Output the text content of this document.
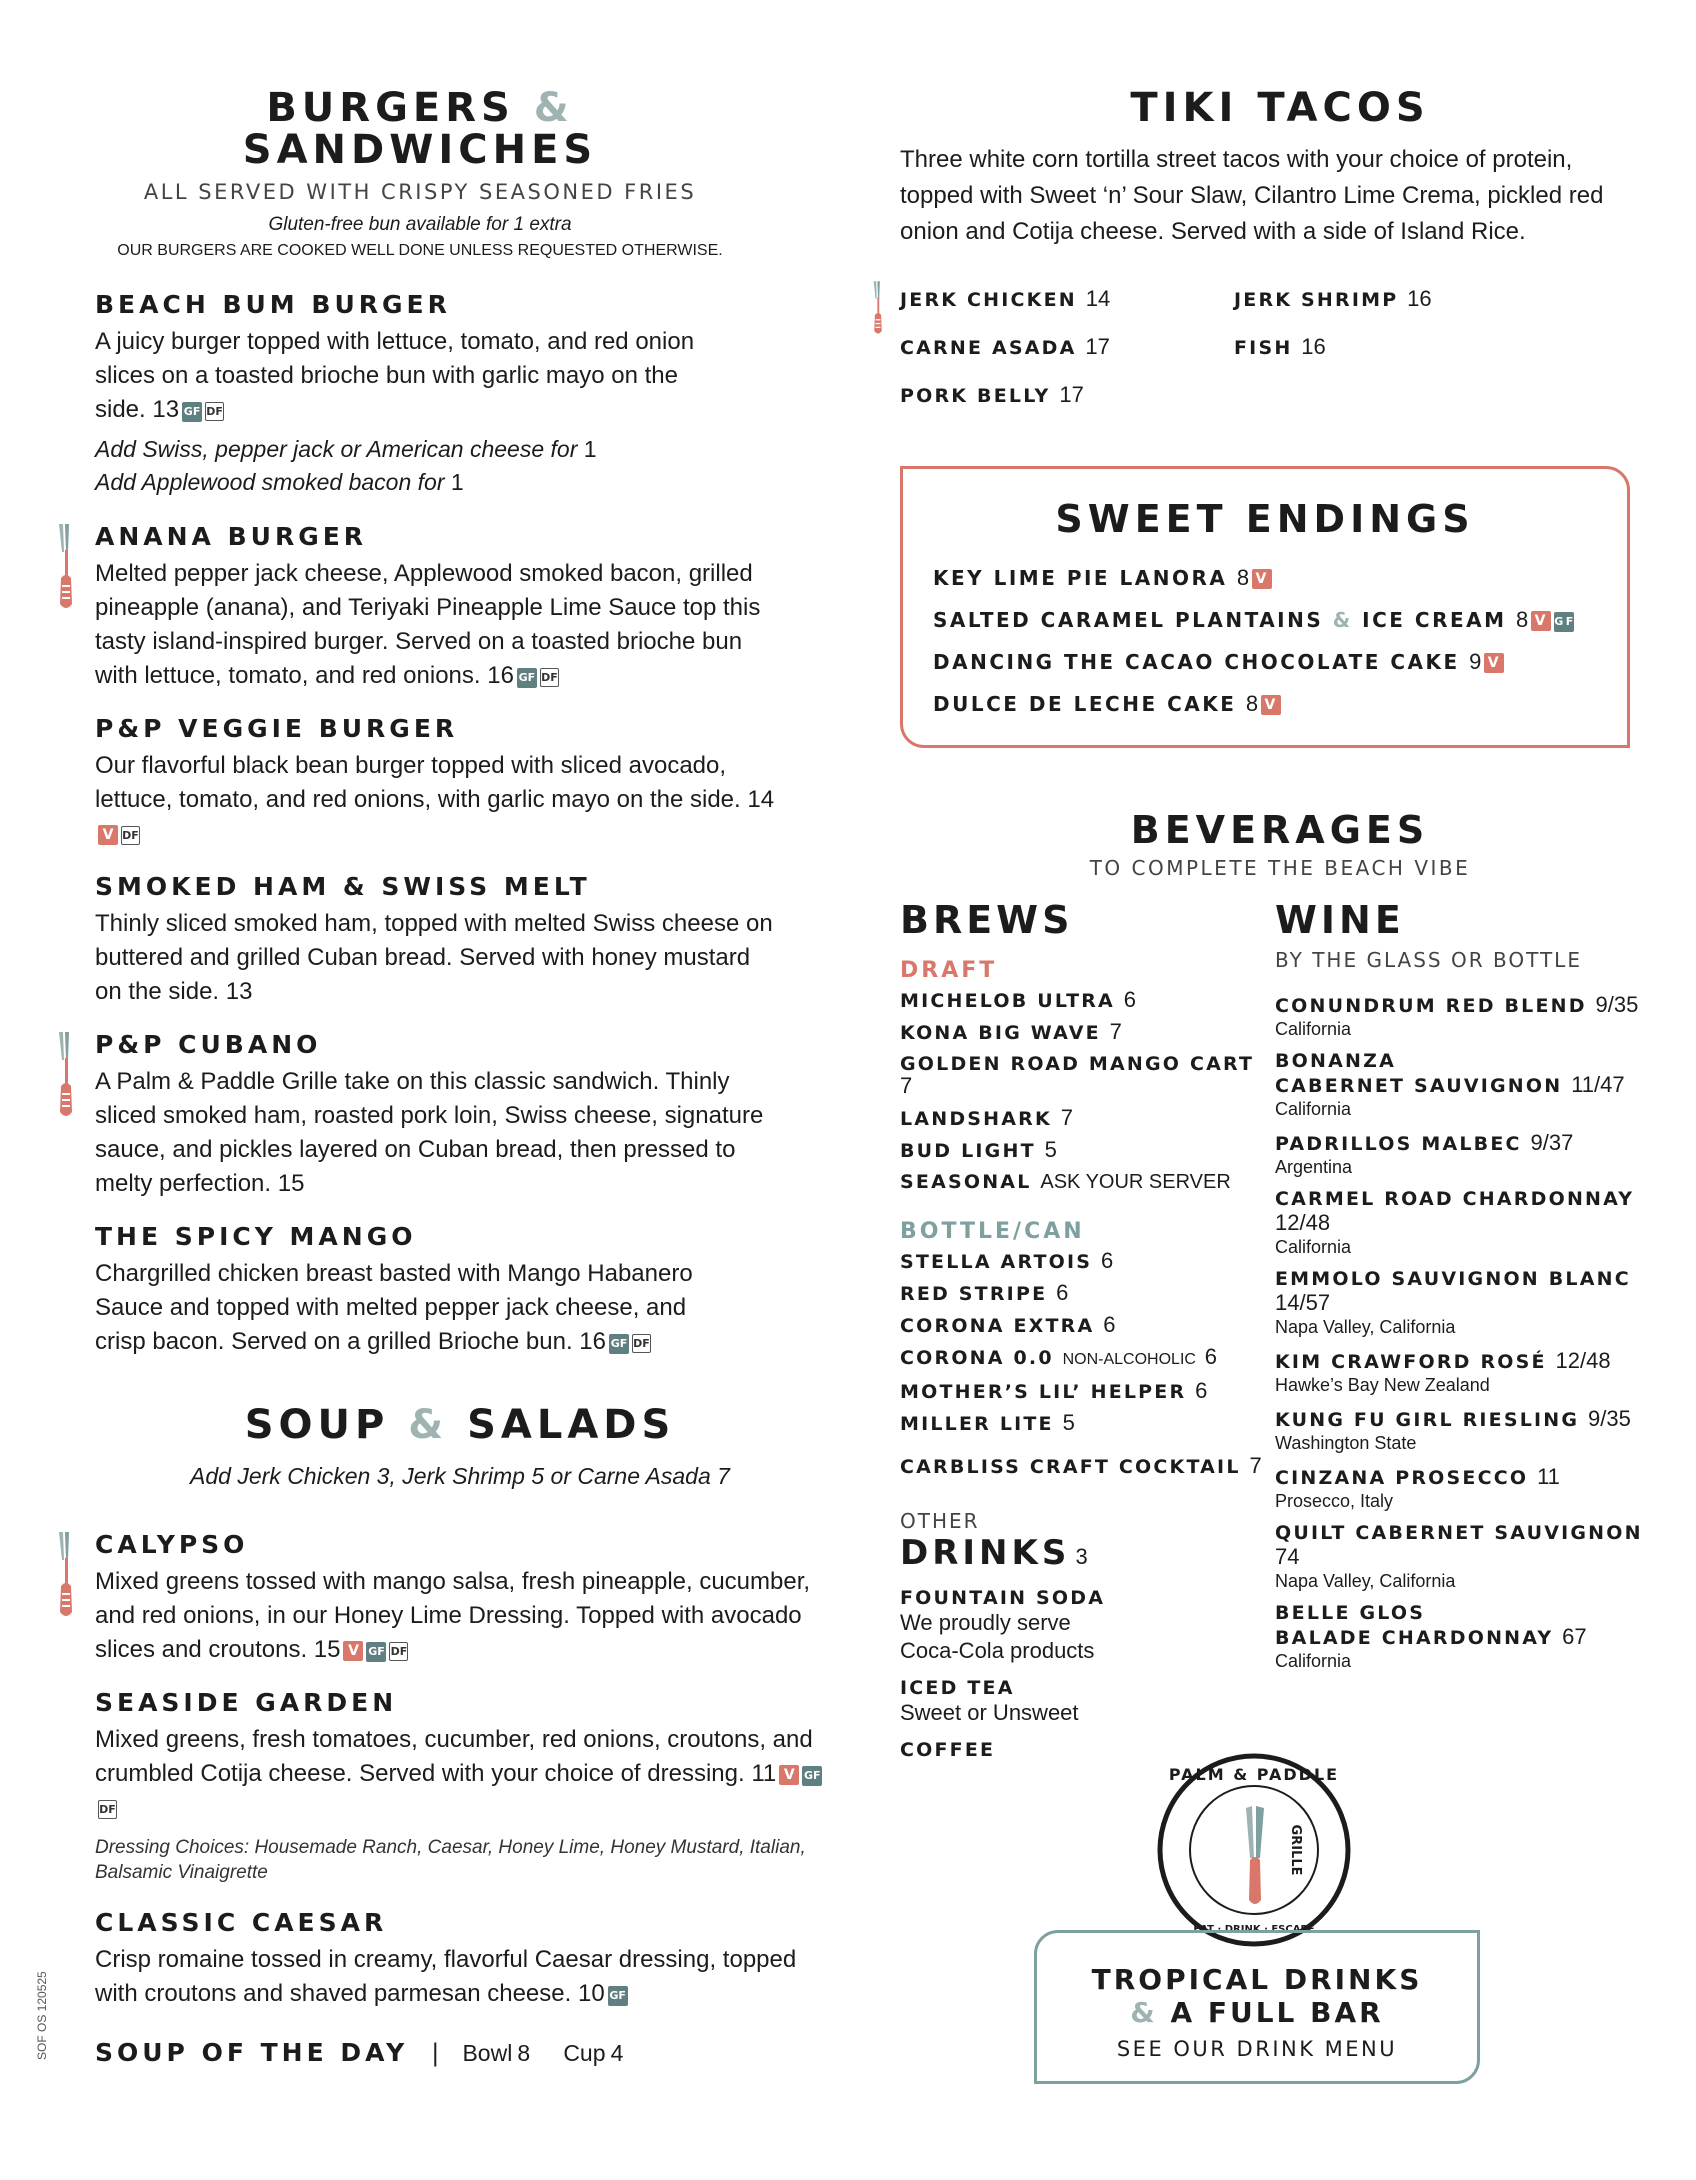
BURGERS &
SANDWICHES
ALL SERVED WITH CRISPY SEASONED FRIES
Gluten-free bun available for 1 extra
OUR BURGERS ARE COOKED WELL DONE UNLESS REQUESTED OTHERWISE.
BEACH BUM BURGER

A juicy burger topped with lettuce, tomato, and red onion slices on a toasted brioche bun with garlic mayo on the side. 13 GF DF

Add Swiss, pepper jack or American cheese for 1
Add Applewood smoked bacon for 1
ANANA BURGER

Melted pepper jack cheese, Applewood smoked bacon, grilled pineapple (anana), and Teriyaki Pineapple Lime Sauce top this tasty island-inspired burger. Served on a toasted brioche bun with lettuce, tomato, and red onions. 16 GF DF

P&P VEGGIE BURGER

Our flavorful black bean burger topped with sliced avocado, lettuce, tomato, and red onions, with garlic mayo on the side. 14V DF

SMOKED HAM & SWISS MELT

Thinly sliced smoked ham, topped with melted Swiss cheese on buttered and grilled Cuban bread. Served with honey mustard on the side. 13

P&P CUBANO

A Palm & Paddle Grille take on this classic sandwich. Thinly sliced smoked ham, roasted pork loin, Swiss cheese, signature sauce, and pickles layered on Cuban bread, then pressed to melty perfection. 15

THE SPICY MANGO

Chargrilled chicken breast basted with Mango Habanero Sauce and topped with melted pepper jack cheese, and crisp bacon. Served on a grilled Brioche bun. 16 GF DF

SOUP & SALADS
Add Jerk Chicken 3, Jerk Shrimp 5 or Carne Asada 7
CALYPSO

Mixed greens tossed with mango salsa, fresh pineapple, cucumber, and red onions, in our Honey Lime Dressing. Topped with avocado slices and croutons. 15 V GF DF

SEASIDE GARDEN

Mixed greens, fresh tomatoes, cucumber, red onions, croutons, and crumbled Cotija cheese. Served with your choice of dressing. 11 V GFDF

Dressing Choices: Housemade Ranch, Caesar, Honey Lime, Honey Mustard, Italian, Balsamic Vinaigrette
CLASSIC CAESAR

Crisp romaine tossed in creamy, flavorful Caesar dressing, topped with croutons and shaved parmesan cheese. 10 GF

SOUP OF THE DAY | Bowl 8 Cup 4
SOF OS 120525
TIKI TACOS

Three white corn tortilla street tacos with your choice of protein, topped with Sweet ‘n’ Sour Slaw, Cilantro Lime Crema, pickled red onion and Cotija cheese. Served with a side of Island Rice.

JERK CHICKEN 14	JERK SHRIMP 16
CARNE ASADA 17	FISH 16
PORK BELLY 17
SWEET ENDINGS
KEY LIME PIE LANORA 8 V
SALTED CARAMEL PLANTAINS & ICE CREAM 8 V GF
DANCING THE CACAO CHOCOLATE CAKE 9 V
DULCE DE LECHE CAKE 8 V
BEVERAGES
TO COMPLETE THE BEACH VIBE
BREWS
DRAFT
MICHELOB ULTRA 6
KONA BIG WAVE 7
GOLDEN ROAD MANGO CART 7
LANDSHARK 7
BUD LIGHT 5
SEASONAL ASK YOUR SERVER
BOTTLE/CAN
STELLA ARTOIS 6
RED STRIPE 6
CORONA EXTRA 6
CORONA 0.0 NON-ALCOHOLIC 6
MOTHER’S LIL’ HELPER 6
MILLER LITE 5
CARBLISS CRAFT COCKTAIL 7
OTHER
DRINKS 3
FOUNTAIN SODA
We proudly serve
Coca-Cola products
ICED TEA
Sweet or Unsweet
COFFEE
WINE
BY THE GLASS OR BOTTLE
CONUNDRUM RED BLEND 9/35
California
BONANZA
CABERNET SAUVIGNON 11/47
California
PADRILLOS MALBEC 9/37
Argentina
CARMEL ROAD CHARDONNAY 12/48
California
EMMOLO SAUVIGNON BLANC 14/57
Napa Valley, California
KIM CRAWFORD ROSÉ 12/48
Hawke’s Bay New Zealand
KUNG FU GIRL RIESLING 9/35
Washington State
CINZANA PROSECCO 11
Prosecco, Italy
QUILT CABERNET SAUVIGNON 74
Napa Valley, California
BELLE GLOS
BALADE CHARDONNAY 67
California
PALM & PADDLE
GRILLE
EAT · DRINK · ESCAPE
TROPICAL DRINKS
& A FULL BAR
SEE OUR DRINK MENU
